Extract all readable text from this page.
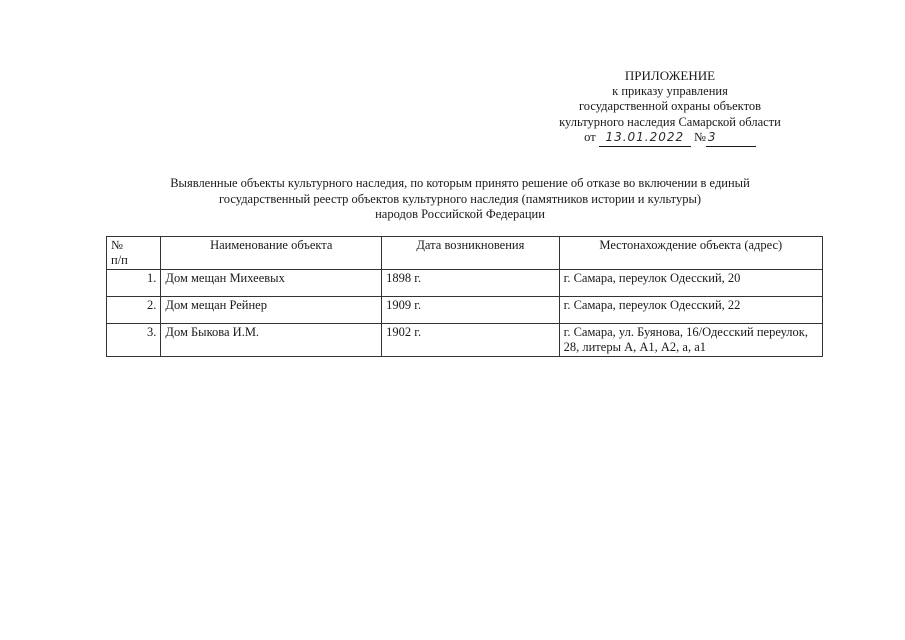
ПРИЛОЖЕНИЕ
к приказу управления
государственной охраны объектов
культурного наследия Самарской области
от 13.01.2022 № 3
Выявленные объекты культурного наследия, по которым принято решение об отказе во включении в единый
государственный реестр объектов культурного наследия (памятников истории и культуры)
народов Российской Федерации
№
п/п	Наименование объекта	Дата возникновения	Местонахождение объекта (адрес)
1.	Дом мещан Михеевых	1898 г.	г. Самара, переулок Одесский, 20
2.	Дом мещан Рейнер	1909 г.	г. Самара, переулок Одесский, 22
3.	Дом Быкова И.М.	1902 г.	г. Самара, ул. Буянова, 16/Одесский переулок, 28, литеры А, А1, А2, а, а1
